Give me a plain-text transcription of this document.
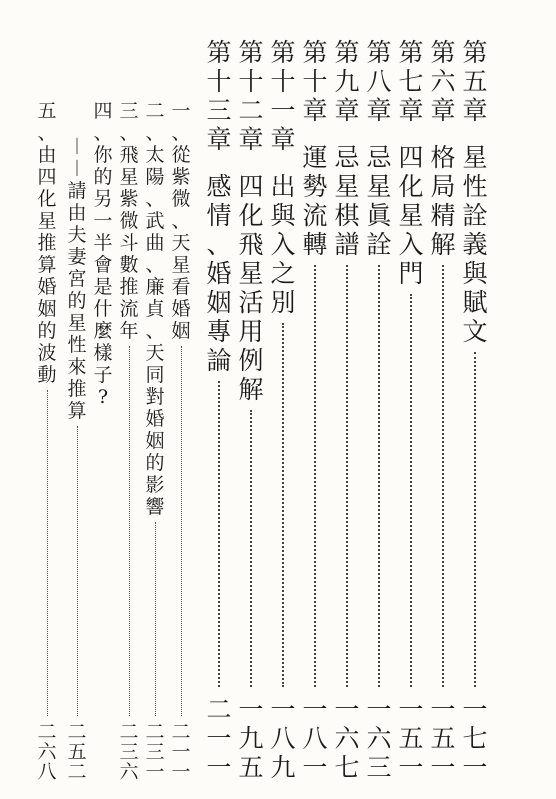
第
五
章
星
性
詮
義
與
賦
文
一
七
一
第
六
章
格
局
精
解
一
五
一
第
七
章
四
化
星
入
門
一
五
一
第
八
章
忌
星
眞
詮
一
六
三
第
九
章
忌
星
棋
譜
一
六
七
第
十
章
運
勢
流
轉
一
八
一
第
十
一
章
出
與
入
之
別
一
八
九
第
十
二
章
四
化
飛
星
活
用
例
解
一
九
五
第
十
三
章
感
情
、
婚
姻
專
論
二
一
一
一
、
從
紫
微
、
天
星
看
婚
姻
二
一
一
二
、
太
陽
、
武
曲
、
廉
貞
、
天
同
對
婚
姻
的
影
響
二
三
一
三
、
飛
星
紫
微
斗
數
推
流
年
二
三
六
四
、
你
的
另
一
半
會
是
什
麼
樣
子
?
︱
︱
請
由
夫
妻
宮
的
星
性
來
推
算
二
五
二
五
、
由
四
化
星
推
算
婚
姻
的
波
動
二
六
八
